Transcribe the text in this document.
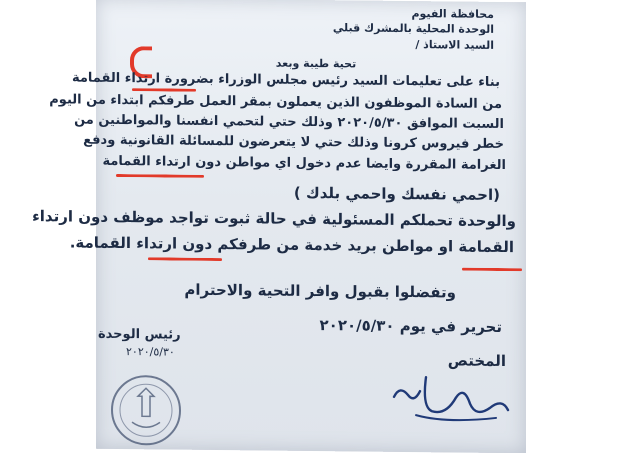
محافظة الفيوم
الوحدة المحلية بالمشرك قبلي
السيد الاستاذ /
تحية طيبة وبعد
بناء على تعليمات السيد رئيس مجلس الوزراء بضرورة ارتداء القمامة
من السادة الموظفون الذين يعملون بمقر العمل طرفكم ابتداء من اليوم
السبت الموافق ٢٠٢٠/٥/٣٠ وذلك حتي لتحمي انفسنا والمواطنين من
خطر فيروس كرونا وذلك حتي لا يتعرضون للمسائلة القانونية ودفع
الغرامة المقررة وايضا عدم دخول اي مواطن دون ارتداء القمامة
(احمي نفسك واحمي بلدك )
والوحدة تحملكم المسئولية في حالة ثبوت تواجد موظف دون ارتداء
القمامة او مواطن بريد خدمة من طرفكم دون ارتداء القمامة.
وتفضلوا بقبول وافر التحية والاحترام
تحرير في يوم ٢٠٢٠/٥/٣٠
المختص
رئيس الوحدة
٢٠٢٠/٥/٣٠
